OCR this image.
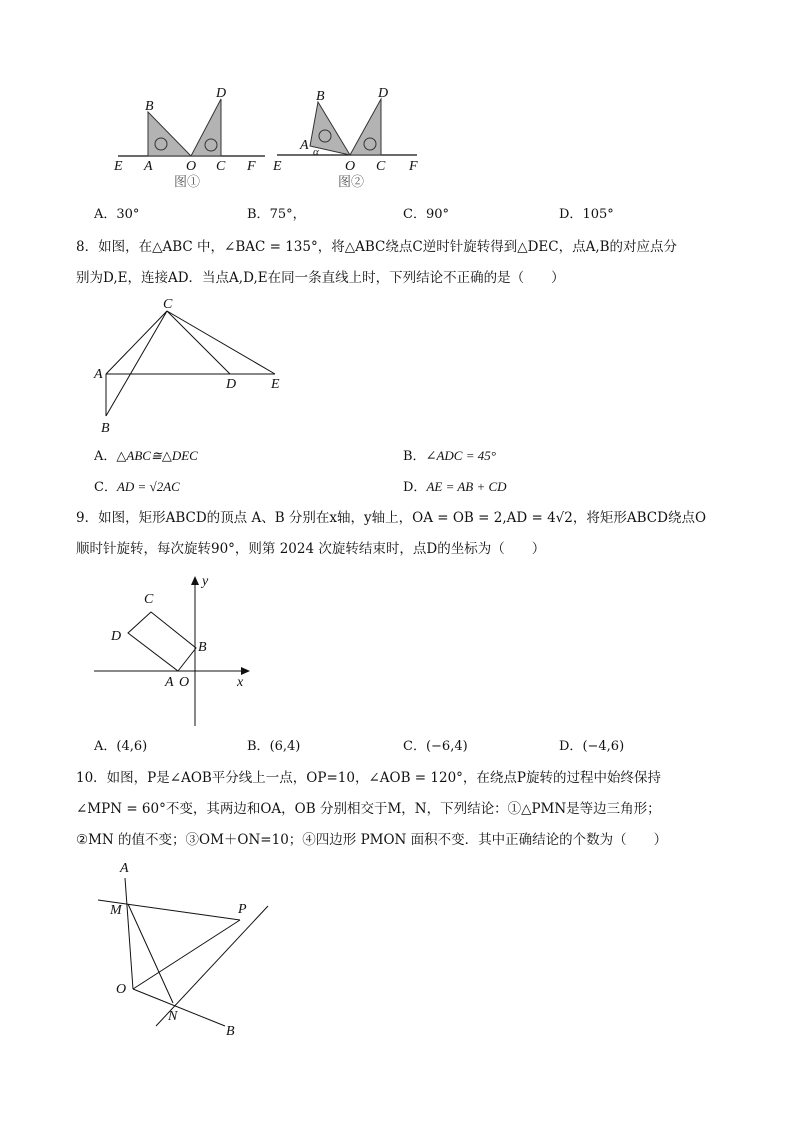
B
D
E A O C F
图①
B	D
A α
E	O C F
图②
A．30°	B．75°，	C．90°	D．105°
8．如图，在△ABC 中，∠BAC = 135°，将△ABC绕点C逆时针旋转得到△DEC，点A,B的对应点分
别为D,E，连接AD．当点A,D,E在同一条直线上时，下列结论不正确的是（　　）
C
A
D E
B
A．△ABC≅△DEC	B．∠ADC = 45°
C．AD = √2AC	D．AE = AB + CD
9．如图，矩形ABCD的顶点 A、B 分别在x轴，y轴上，OA = OB = 2,AD = 4√2，将矩形ABCD绕点O
顺时针旋转，每次旋转90°，则第 2024 次旋转结束时，点D的坐标为（　　）
y
C
D
B
A O	x
A．(4,6)	B．(6,4)	C．(−6,4)	D．(−4,6)
10．如图，P是∠AOB平分线上一点，OP=10，∠AOB = 120°，在绕点P旋转的过程中始终保持
∠MPN = 60°不变，其两边和OA，OB 分别相交于M，N，下列结论：①△PMN是等边三角形；
②MN 的值不变；③OM＋ON=10；④四边形 PMON 面积不变．其中正确结论的个数为（　　）
A
M	P
O
N
B
